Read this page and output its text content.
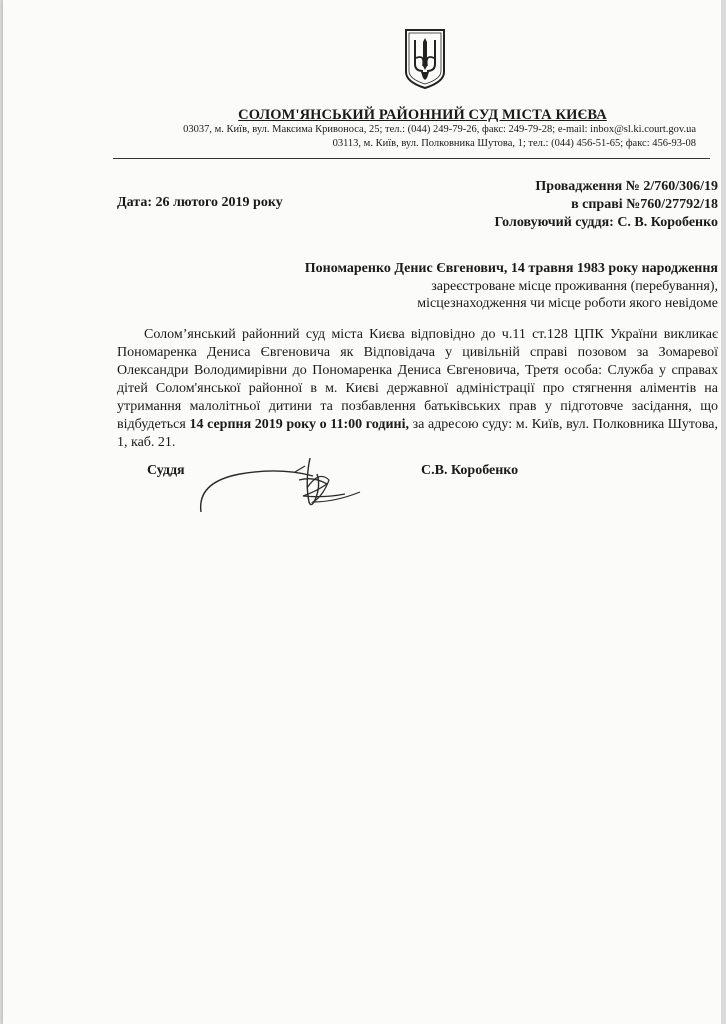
СОЛОМ'ЯНСЬКИЙ РАЙОННИЙ СУД МІСТА КИЄВА
03037, м. Київ, вул. Максима Кривоноса, 25; тел.: (044) 249-79-26, факс: 249-79-28; e-mail: inbox@sl.ki.court.gov.ua
03113, м. Київ, вул. Полковника Шутова, 1; тел.: (044) 456-51-65; факс: 456-93-08
Дата: 26 лютого 2019 року
Провадження № 2/760/306/19
в справі №760/27792/18
Головуючий суддя: С. В. Коробенко
Пономаренко Денис Євгенович, 14 травня 1983 року народження
зареєстроване місце проживання (перебування),
місцезнаходження чи місце роботи якого невідоме

Солом’янський районний суд міста Києва відповідно до ч.11 ст.128 ЦПК України викликає Пономаренка Дениса Євгеновича як Відповідача у цивільній справі позовом за Зомаревої Олександри Володимирівни до Пономаренка Дениса Євгеновича, Третя особа: Служба у справах дітей Солом'янської районної в м. Києві державної адміністрації про стягнення аліментів на утримання малолітньої дитини та позбавлення батьківських прав у підготовче засідання, що відбудеться 14 серпня 2019 року о 11:00 годині, за адресою суду: м. Київ, вул. Полковника Шутова, 1, каб. 21.

Суддя	С.В. Коробенко
